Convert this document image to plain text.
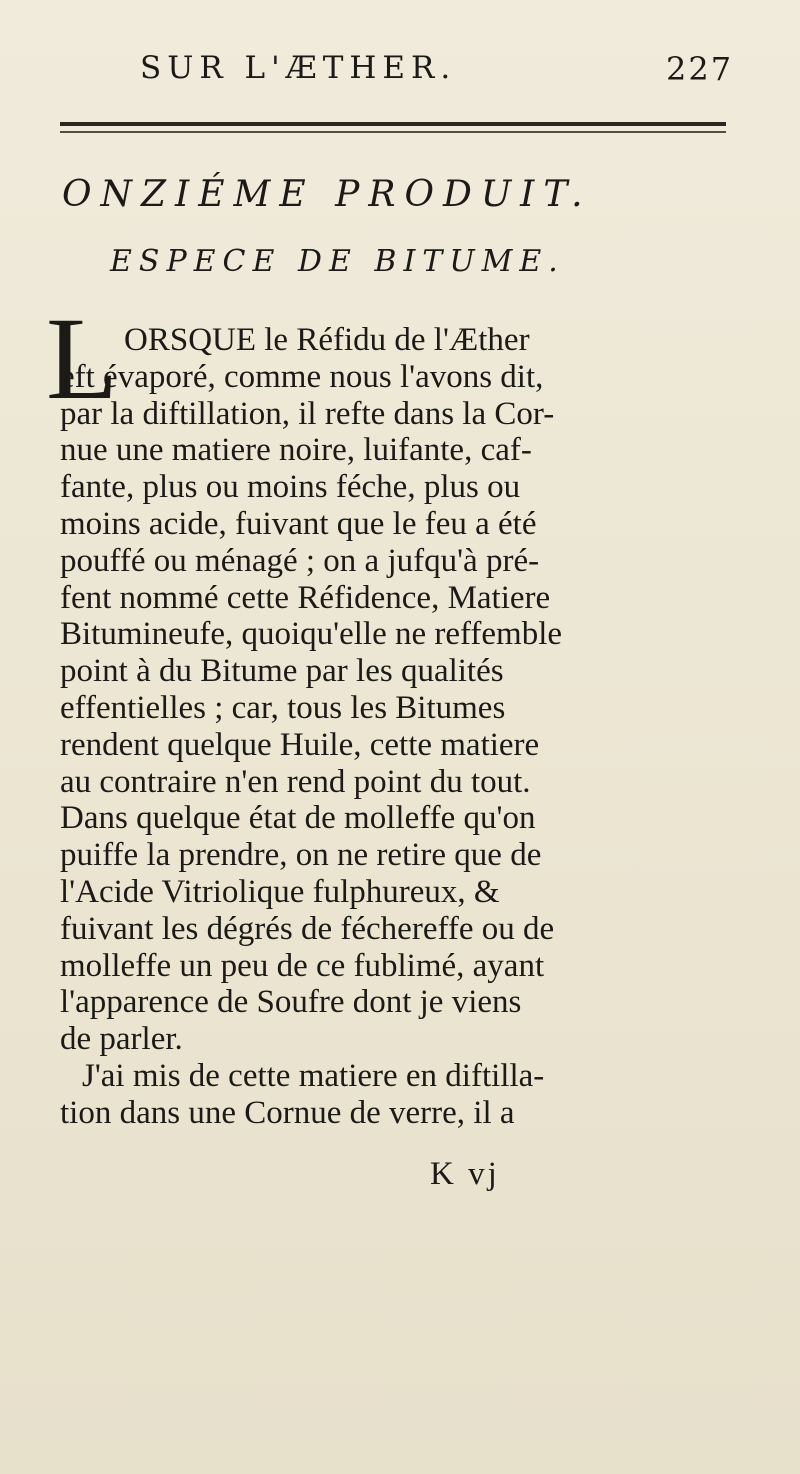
SUR L'ÆTHER.	227
ONZIÉME PRODUIT.
ESPECE DE BITUME.
L ORSQUE le Réfidu de l'Æther
eft évaporé, comme nous l'avons dit,
par la diftillation, il refte dans la Cor-
nue une matiere noire, luifante, caf-
fante, plus ou moins féche, plus ou
moins acide, fuivant que le feu a été
pouffé ou ménagé ; on a jufqu'à pré-
fent nommé cette Réfidence, Matiere
Bitumineufe, quoiqu'elle ne reffemble
point à du Bitume par les qualités
effentielles ; car, tous les Bitumes
rendent quelque Huile, cette matiere
au contraire n'en rend point du tout.
Dans quelque état de molleffe qu'on
puiffe la prendre, on ne retire que de
l'Acide Vitriolique fulphureux, &
fuivant les dégrés de féchereffe ou de
molleffe un peu de ce fublimé, ayant
l'apparence de Soufre dont je viens
de parler.
J'ai mis de cette matiere en diftilla-
tion dans une Cornue de verre, il a
K vj
